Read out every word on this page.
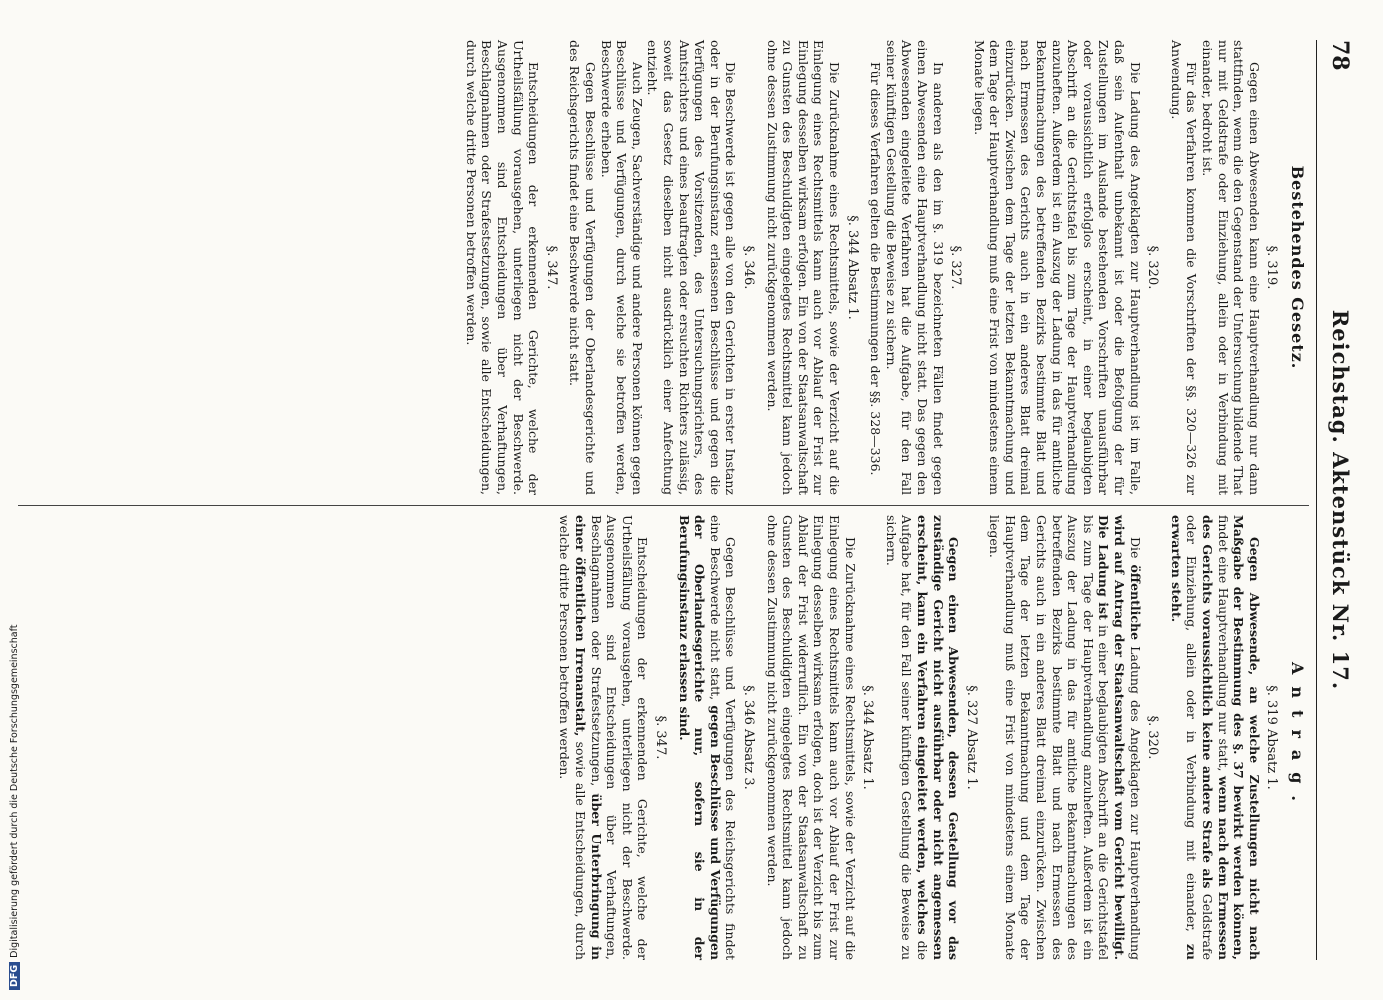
78
Reichstag. Aktenstück Nr. 17.
Bestehendes Gesetz.
§. 319.

Gegen einen Abwesenden kann eine Hauptverhandlung nur dann stattfinden, wenn die den Gegenstand der Untersuchung bildende That nur mit Geldstrafe oder Einziehung, allein oder in Verbindung mit einander, bedroht ist.

Für das Verfahren kommen die Vorschriften der §§. 320—326 zur Anwendung.

§. 320.

Die Ladung des Angeklagten zur Hauptverhandlung ist im Falle, daß sein Aufenthalt unbekannt ist oder die Befolgung der für Zustellungen im Auslande bestehenden Vorschriften unausführbar oder voraussichtlich erfolglos erscheint, in einer beglaubigten Abschrift an die Gerichtstafel bis zum Tage der Hauptverhandlung anzuheften. Außerdem ist ein Auszug der Ladung in das für amtliche Bekanntmachungen des betreffenden Bezirks bestimmte Blatt und nach Ermessen des Gerichts auch in ein anderes Blatt dreimal einzurücken. Zwischen dem Tage der letzten Bekanntmachung und dem Tage der Hauptverhandlung muß eine Frist von mindestens einem Monate liegen.

§. 327.

In anderen als den im §. 319 bezeichneten Fällen findet gegen einen Abwesenden eine Hauptverhandlung nicht statt. Das gegen den Abwesenden eingeleitete Verfahren hat die Aufgabe, für den Fall seiner künftigen Gestellung die Beweise zu sichern.

Für dieses Verfahren gelten die Bestimmungen der §§. 328—336.

§. 344 Absatz 1.

Die Zurücknahme eines Rechtsmittels, sowie der Verzicht auf die Einlegung eines Rechtsmittels kann auch vor Ablauf der Frist zur Einlegung desselben wirksam erfolgen. Ein von der Staatsanwaltschaft zu Gunsten des Beschuldigten eingelegtes Rechtsmittel kann jedoch ohne dessen Zustimmung nicht zurückgenommen werden.

§. 346.

Die Beschwerde ist gegen alle von den Gerichten in erster Instanz oder in der Berufungsinstanz erlassenen Beschlüsse und gegen die Verfügungen des Vorsitzenden, des Untersuchungsrichters, des Amtsrichters und eines beauftragten oder ersuchten Richters zulässig, soweit das Gesetz dieselben nicht ausdrücklich einer Anfechtung entzieht.

Auch Zeugen, Sachverständige und andere Personen können gegen Beschlüsse und Verfügungen, durch welche sie betroffen werden, Beschwerde erheben.

Gegen Beschlüsse und Verfügungen der Oberlandesgerichte und des Reichsgerichts findet eine Beschwerde nicht statt.

§. 347.

Entscheidungen der erkennenden Gerichte, welche der Urtheilsfällung vorausgehen, unterliegen nicht der Beschwerde. Ausgenommen sind Entscheidungen über Verhaftungen, Beschlagnahmen oder Strafestsetzungen, sowie alle Entscheidungen, durch welche dritte Personen betroffen werden.

Antrag.
§. 319 Absatz 1.

Gegen Abwesende, an welche Zustellungen nicht nach Maßgabe der Bestimmung des §. 37 bewirkt werden können, findet eine Hauptverhandlung nur statt, wenn nach dem Ermessen des Gerichts voraussichtlich keine andere Strafe als Geldstrafe oder Einziehung, allein oder in Verbindung mit einander, zu erwarten steht.

§. 320.

Die öffentliche Ladung des Angeklagten zur Hauptverhandlung wird auf Antrag der Staatsanwaltschaft vom Gericht bewilligt. Die Ladung ist in einer beglaubigten Abschrift an die Gerichtstafel bis zum Tage der Hauptverhandlung anzuheften. Außerdem ist ein Auszug der Ladung in das für amtliche Bekanntmachungen des betreffenden Bezirks bestimmte Blatt und nach Ermessen des Gerichts auch in ein anderes Blatt dreimal einzurücken. Zwischen dem Tage der letzten Bekanntmachung und dem Tage der Hauptverhandlung muß eine Frist von mindestens einem Monate liegen.

§. 327 Absatz 1.

Gegen einen Abwesenden, dessen Gestellung vor das zuständige Gericht nicht ausführbar oder nicht angemessen erscheint, kann ein Verfahren eingeleitet werden, welches die Aufgabe hat, für den Fall seiner künftigen Gestellung die Beweise zu sichern.

§. 344 Absatz 1.

Die Zurücknahme eines Rechtsmittels, sowie der Verzicht auf die Einlegung eines Rechtsmittels kann auch vor Ablauf der Frist zur Einlegung desselben wirksam erfolgen, doch ist der Verzicht bis zum Ablauf der Frist widerruflich. Ein von der Staatsanwaltschaft zu Gunsten des Beschuldigten eingelegtes Rechtsmittel kann jedoch ohne dessen Zustimmung nicht zurückgenommen werden.

§. 346 Absatz 3.

Gegen Beschlüsse und Verfügungen des Reichsgerichts findet eine Beschwerde nicht statt, gegen Beschlüsse und Verfügungen der Oberlandesgerichte nur, sofern sie in der Berufungsinstanz erlassen sind.

§. 347.

Entscheidungen der erkennenden Gerichte, welche der Urtheilsfällung vorausgehen, unterliegen nicht der Beschwerde. Ausgenommen sind Entscheidungen über Verhaftungen, Beschlagnahmen oder Strafestsetzungen, über Unterbringung in einer öffentlichen Irrenanstalt, sowie alle Entscheidungen, durch welche dritte Personen betroffen werden.

DFGDigitalisierung gefördert durch die Deutsche Forschungsgemeinschaft
